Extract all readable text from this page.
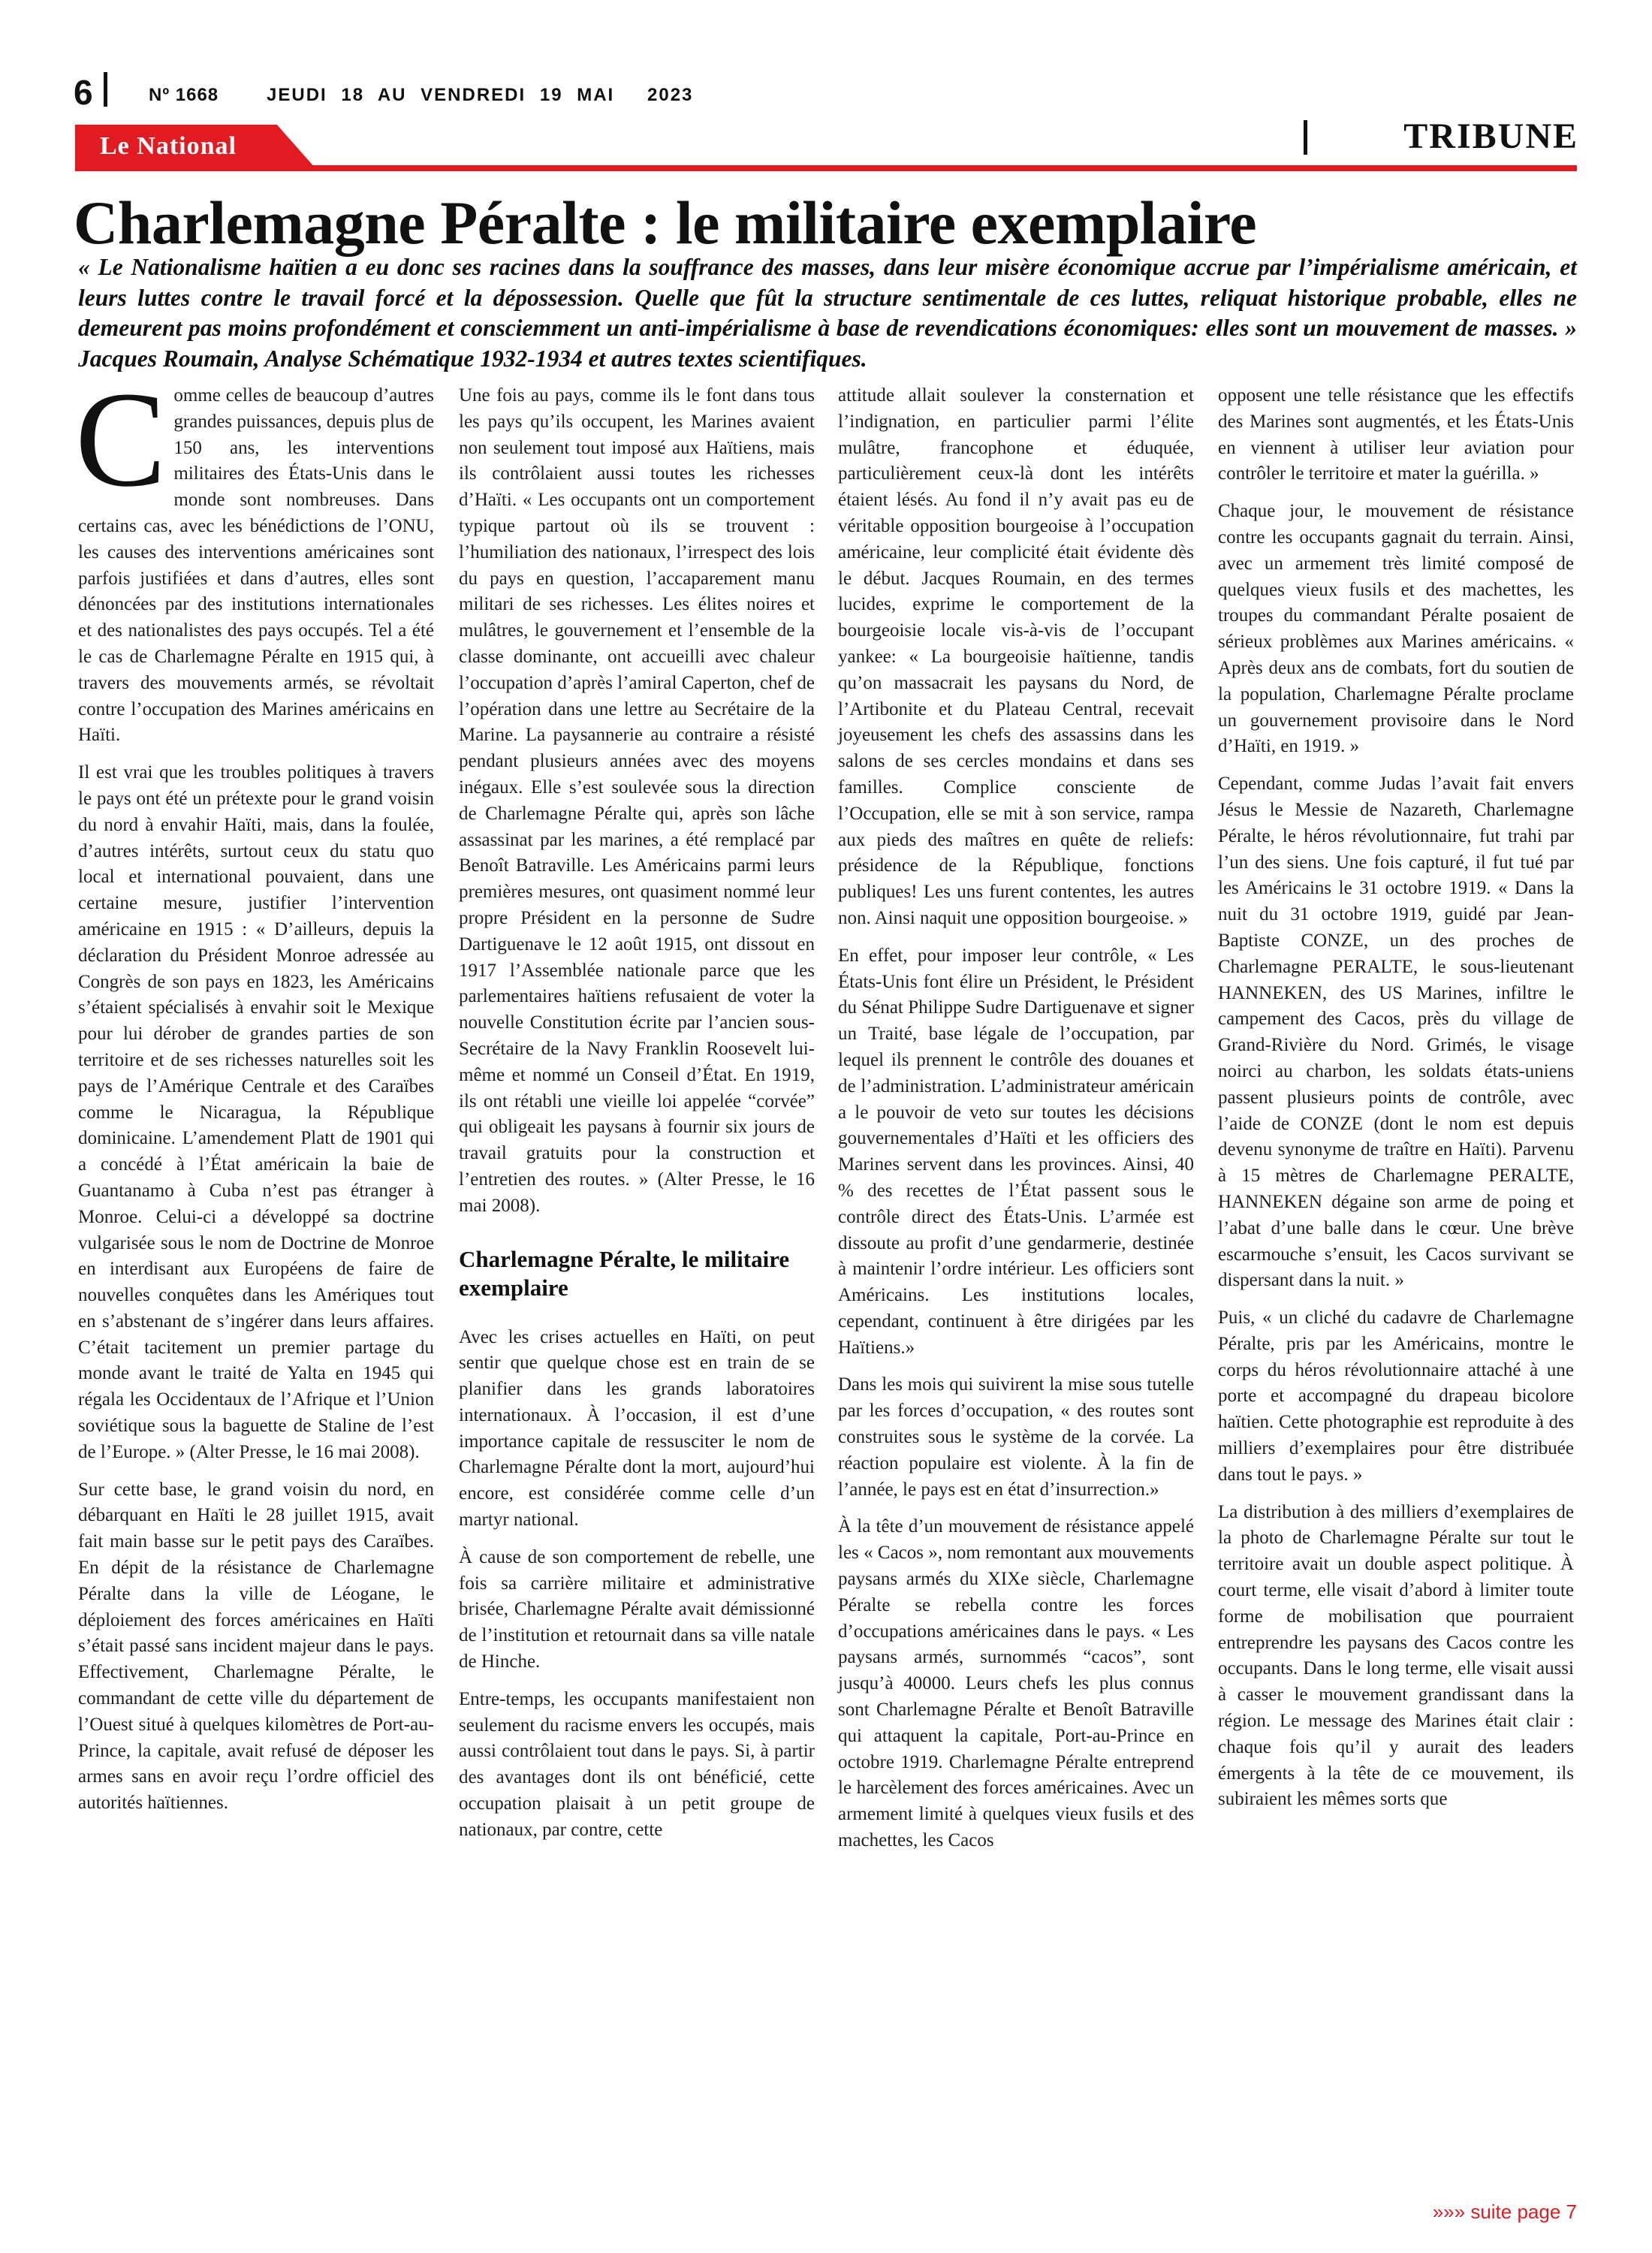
6	Nº 1668	JEUDI 18 AU VENDREDI 19 MAI 2023
Le National	TRIBUNE
Charlemagne Péralte : le militaire exemplaire
« Le Nationalisme haïtien a eu donc ses racines dans la souffrance des masses, dans leur misère économique accrue par l’impérialisme américain, et leurs luttes contre le travail forcé et la dépossession. Quelle que fût la structure sentimentale de ces luttes, reliquat historique probable, elles ne demeurent pas moins profondément et consciemment un anti-impérialisme à base de revendications économiques: elles sont un mouvement de masses. » Jacques Roumain, Analyse Schématique 1932-1934 et autres textes scientifiques.

Comme celles de beaucoup d’autres grandes puissances, depuis plus de 150 ans, les interventions militaires des États-Unis dans le monde sont nombreuses. Dans certains cas, avec les bénédictions de l’ONU, les causes des interventions américaines sont parfois justifiées et dans d’autres, elles sont dénoncées par des institutions internationales et des nationalistes des pays occupés. Tel a été le cas de Charlemagne Péralte en 1915 qui, à travers des mouvements armés, se révoltait contre l’occupation des Marines américains en Haïti.

Il est vrai que les troubles politiques à travers le pays ont été un prétexte pour le grand voisin du nord à envahir Haïti, mais, dans la foulée, d’autres intérêts, surtout ceux du statu quo local et international pouvaient, dans une certaine mesure, justifier l’intervention américaine en 1915 : « D’ailleurs, depuis la déclaration du Président Monroe adressée au Congrès de son pays en 1823, les Américains s’étaient spécialisés à envahir soit le Mexique pour lui dérober de grandes parties de son territoire et de ses richesses naturelles soit les pays de l’Amérique Centrale et des Caraïbes comme le Nicaragua, la République dominicaine. L’amendement Platt de 1901 qui a concédé à l’État américain la baie de Guantanamo à Cuba n’est pas étranger à Monroe. Celui-ci a développé sa doctrine vulgarisée sous le nom de Doctrine de Monroe en interdisant aux Européens de faire de nouvelles conquêtes dans les Amériques tout en s’abstenant de s’ingérer dans leurs affaires. C’était tacitement un premier partage du monde avant le traité de Yalta en 1945 qui régala les Occidentaux de l’Afrique et l’Union soviétique sous la baguette de Staline de l’est de l’Europe. » (Alter Presse, le 16 mai 2008).

Sur cette base, le grand voisin du nord, en débarquant en Haïti le 28 juillet 1915, avait fait main basse sur le petit pays des Caraïbes. En dépit de la résistance de Charlemagne Péralte dans la ville de Léogane, le déploiement des forces américaines en Haïti s’était passé sans incident majeur dans le pays. Effectivement, Charlemagne Péralte, le commandant de cette ville du département de l’Ouest situé à quelques kilomètres de Port-au-Prince, la capitale, avait refusé de déposer les armes sans en avoir reçu l’ordre officiel des autorités haïtiennes.

Une fois au pays, comme ils le font dans tous les pays qu’ils occupent, les Marines avaient non seulement tout imposé aux Haïtiens, mais ils contrôlaient aussi toutes les richesses d’Haïti. « Les occupants ont un comportement typique partout où ils se trouvent : l’humiliation des nationaux, l’irrespect des lois du pays en question, l’accaparement manu militari de ses richesses. Les élites noires et mulâtres, le gouvernement et l’ensemble de la classe dominante, ont accueilli avec chaleur l’occupation d’après l’amiral Caperton, chef de l’opération dans une lettre au Secrétaire de la Marine. La paysannerie au contraire a résisté pendant plusieurs années avec des moyens inégaux. Elle s’est soulevée sous la direction de Charlemagne Péralte qui, après son lâche assassinat par les marines, a été remplacé par Benoît Batraville. Les Américains parmi leurs premières mesures, ont quasiment nommé leur propre Président en la personne de Sudre Dartiguenave le 12 août 1915, ont dissout en 1917 l’Assemblée nationale parce que les parlementaires haïtiens refusaient de voter la nouvelle Constitution écrite par l’ancien sous- Secrétaire de la Navy Franklin Roosevelt lui-même et nommé un Conseil d’État. En 1919, ils ont rétabli une vieille loi appelée “corvée” qui obligeait les paysans à fournir six jours de travail gratuits pour la construction et l’entretien des routes. » (Alter Presse, le 16 mai 2008).

Charlemagne Péralte, le militaire exemplaire

Avec les crises actuelles en Haïti, on peut sentir que quelque chose est en train de se planifier dans les grands laboratoires internationaux. À l’occasion, il est d’une importance capitale de ressusciter le nom de Charlemagne Péralte dont la mort, aujourd’hui encore, est considérée comme celle d’un martyr national.

À cause de son comportement de rebelle, une fois sa carrière militaire et administrative brisée, Charlemagne Péralte avait démissionné de l’institution et retournait dans sa ville natale de Hinche.

Entre-temps, les occupants manifestaient non seulement du racisme envers les occupés, mais aussi contrôlaient tout dans le pays. Si, à partir des avantages dont ils ont bénéficié, cette occupation plaisait à un petit groupe de nationaux, par contre, cette

attitude allait soulever la consternation et l’indignation, en particulier parmi l’élite mulâtre, francophone et éduquée, particulièrement ceux-là dont les intérêts étaient lésés. Au fond il n’y avait pas eu de véritable opposition bourgeoise à l’occupation américaine, leur complicité était évidente dès le début. Jacques Roumain, en des termes lucides, exprime le comportement de la bourgeoisie locale vis-à-vis de l’occupant yankee: « La bourgeoisie haïtienne, tandis qu’on massacrait les paysans du Nord, de l’Artibonite et du Plateau Central, recevait joyeusement les chefs des assassins dans les salons de ses cercles mondains et dans ses familles. Complice consciente de l’Occupation, elle se mit à son service, rampa aux pieds des maîtres en quête de reliefs: présidence de la République, fonctions publiques! Les uns furent contentes, les autres non. Ainsi naquit une opposition bourgeoise. »

En effet, pour imposer leur contrôle, « Les États-Unis font élire un Président, le Président du Sénat Philippe Sudre Dartiguenave et signer un Traité, base légale de l’occupation, par lequel ils prennent le contrôle des douanes et de l’administration. L’administrateur américain a le pouvoir de veto sur toutes les décisions gouvernementales d’Haïti et les officiers des Marines servent dans les provinces. Ainsi, 40 % des recettes de l’État passent sous le contrôle direct des États-Unis. L’armée est dissoute au profit d’une gendarmerie, destinée à maintenir l’ordre intérieur. Les officiers sont Américains. Les institutions locales, cependant, continuent à être dirigées par les Haïtiens.»

Dans les mois qui suivirent la mise sous tutelle par les forces d’occupation, « des routes sont construites sous le système de la corvée. La réaction populaire est violente. À la fin de l’année, le pays est en état d’insurrection.»

À la tête d’un mouvement de résistance appelé les « Cacos », nom remontant aux mouvements paysans armés du XIXe siècle, Charlemagne Péralte se rebella contre les forces d’occupations américaines dans le pays. « Les paysans armés, surnommés “cacos”, sont jusqu’à 40000. Leurs chefs les plus connus sont Charlemagne Péralte et Benoît Batraville qui attaquent la capitale, Port-au-Prince en octobre 1919. Charlemagne Péralte entreprend le harcèlement des forces américaines. Avec un armement limité à quelques vieux fusils et des machettes, les Cacos

opposent une telle résistance que les effectifs des Marines sont augmentés, et les États-Unis en viennent à utiliser leur aviation pour contrôler le territoire et mater la guérilla. »

Chaque jour, le mouvement de résistance contre les occupants gagnait du terrain. Ainsi, avec un armement très limité composé de quelques vieux fusils et des machettes, les troupes du commandant Péralte posaient de sérieux problèmes aux Marines américains. « Après deux ans de combats, fort du soutien de la population, Charlemagne Péralte proclame un gouvernement provisoire dans le Nord d’Haïti, en 1919. »

Cependant, comme Judas l’avait fait envers Jésus le Messie de Nazareth, Charlemagne Péralte, le héros révolutionnaire, fut trahi par l’un des siens. Une fois capturé, il fut tué par les Américains le 31 octobre 1919. « Dans la nuit du 31 octobre 1919, guidé par Jean-Baptiste CONZE, un des proches de Charlemagne PERALTE, le sous-lieutenant HANNEKEN, des US Marines, infiltre le campement des Cacos, près du village de Grand-Rivière du Nord. Grimés, le visage noirci au charbon, les soldats états-uniens passent plusieurs points de contrôle, avec l’aide de CONZE (dont le nom est depuis devenu synonyme de traître en Haïti). Parvenu à 15 mètres de Charlemagne PERALTE, HANNEKEN dégaine son arme de poing et l’abat d’une balle dans le cœur. Une brève escarmouche s’ensuit, les Cacos survivant se dispersant dans la nuit. »

Puis, « un cliché du cadavre de Charlemagne Péralte, pris par les Américains, montre le corps du héros révolutionnaire attaché à une porte et accompagné du drapeau bicolore haïtien. Cette photographie est reproduite à des milliers d’exemplaires pour être distribuée dans tout le pays. »

La distribution à des milliers d’exemplaires de la photo de Charlemagne Péralte sur tout le territoire avait un double aspect politique. À court terme, elle visait d’abord à limiter toute forme de mobilisation que pourraient entreprendre les paysans des Cacos contre les occupants. Dans le long terme, elle visait aussi à casser le mouvement grandissant dans la région. Le message des Marines était clair : chaque fois qu’il y aurait des leaders émergents à la tête de ce mouvement, ils subiraient les mêmes sorts que

»»» suite page 7
